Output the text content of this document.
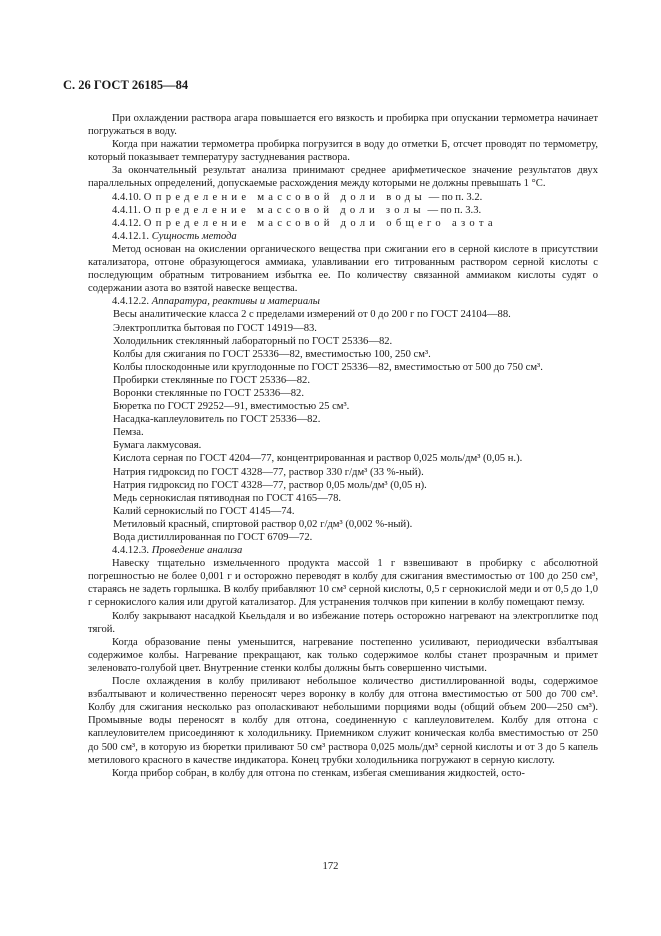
С. 26 ГОСТ 26185—84

При охлаждении раствора агара повышается его вязкость и пробирка при опускании термометра начинает погружаться в воду.

Когда при нажатии термометра пробирка погрузится в воду до отметки Б, отсчет проводят по термометру, который показывает температуру застудневания раствора.

За окончательный результат анализа принимают среднее арифметическое значение результатов двух параллельных определений, допускаемые расхождения между которыми не должны превышать 1 °С.

4.4.10. Определение массовой доли воды — по п. 3.2.

4.4.11. Определение массовой доли золы — по п. 3.3.

4.4.12. Определение массовой доли общего азота

4.4.12.1. Сущность метода

Метод основан на окислении органического вещества при сжигании его в серной кислоте в присутствии катализатора, отгоне образующегося аммиака, улавливании его титрованным раствором серной кислоты с последующим обратным титрованием избытка ее. По количеству связанной аммиаком кислоты судят о содержании азота во взятой навеске вещества.

4.4.12.2. Аппаратура, реактивы и материалы

Весы аналитические класса 2 с пределами измерений от 0 до 200 г по ГОСТ 24104—88.

Электроплитка бытовая по ГОСТ 14919—83.

Холодильник стеклянный лабораторный по ГОСТ 25336—82.

Колбы для сжигания по ГОСТ 25336—82, вместимостью 100, 250 см³.

Колбы плоскодонные или круглодонные по ГОСТ 25336—82, вместимостью от 500 до 750 см³.

Пробирки стеклянные по ГОСТ 25336—82.

Воронки стеклянные по ГОСТ 25336—82.

Бюретка по ГОСТ 29252—91, вместимостью 25 см³.

Насадка-каплеуловитель по ГОСТ 25336—82.

Пемза.

Бумага лакмусовая.

Кислота серная по ГОСТ 4204—77, концентрированная и раствор 0,025 моль/дм³ (0,05 н.).

Натрия гидроксид по ГОСТ 4328—77, раствор 330 г/дм³ (33 %-ный).

Натрия гидроксид по ГОСТ 4328—77, раствор 0,05 моль/дм³ (0,05 н).

Медь сернокислая пятиводная по ГОСТ 4165—78.

Калий сернокислый по ГОСТ 4145—74.

Метиловый красный, спиртовой раствор 0,02 г/дм³ (0,002 %-ный).

Вода дистиллированная по ГОСТ 6709—72.

4.4.12.3. Проведение анализа

Навеску тщательно измельченного продукта массой 1 г взвешивают в пробирку с абсолютной погрешностью не более 0,001 г и осторожно переводят в колбу для сжигания вместимостью от 100 до 250 см³, стараясь не задеть горлышка. В колбу прибавляют 10 см³ серной кислоты, 0,5 г сернокислой меди и от 0,5 до 1,0 г сернокислого калия или другой катализатор. Для устранения толчков при кипении в колбу помещают пемзу.

Колбу закрывают насадкой Кьельдаля и во избежание потерь осторожно нагревают на электроплитке под тягой.

Когда образование пены уменьшится, нагревание постепенно усиливают, периодически взбалтывая содержимое колбы. Нагревание прекращают, как только содержимое колбы станет прозрачным и примет зеленовато-голубой цвет. Внутренние стенки колбы должны быть совершенно чистыми.

После охлаждения в колбу приливают небольшое количество дистиллированной воды, содержимое взбалтывают и количественно переносят через воронку в колбу для отгона вместимостью от 500 до 700 см³. Колбу для сжигания несколько раз ополаскивают небольшими порциями воды (общий объем 200—250 см³). Промывные воды переносят в колбу для отгона, соединенную с каплеуловителем. Колбу для отгона с каплеуловителем присоединяют к холодильнику. Приемником служит коническая колба вместимостью от 250 до 500 см³, в которую из бюретки приливают 50 см³ раствора 0,025 моль/дм³ серной кислоты и от 3 до 5 капель метилового красного в качестве индикатора. Конец трубки холодильника погружают в серную кислоту.

Когда прибор собран, в колбу для отгона по стенкам, избегая смешивания жидкостей, осто-

172
